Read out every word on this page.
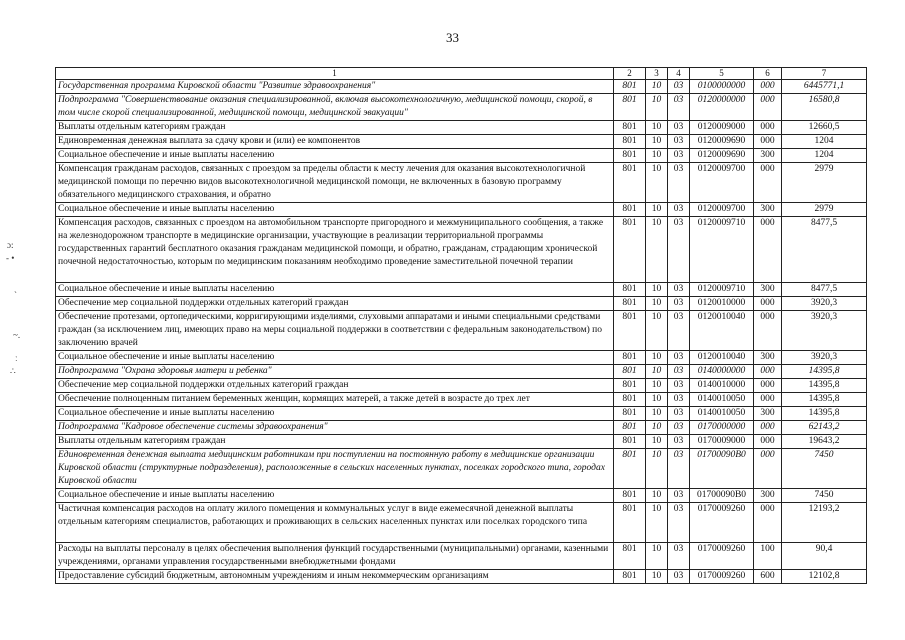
33
ɔ:
- •
ˋ
~.
ː
∴
1	2	3	4	5	6	7
Государственная программа Кировской области "Развитие здравоохранения"	801	10	03	0100000000	000	6445771,1
Подпрограмма "Совершенствование оказания специализированной, включая высокотехнологичную, медицинской помощи, скорой, в том числе скорой специализированной, медицинской помощи, медицинской эвакуации"	801	10	03	0120000000	000	16580,8
Выплаты отдельным категориям граждан	801	10	03	0120009000	000	12660,5
Единовременная денежная выплата за сдачу крови и (или) ее компонентов	801	10	03	0120009690	000	1204
Социальное обеспечение и иные выплаты населению	801	10	03	0120009690	300	1204
Компенсация гражданам расходов, связанных с проездом за пределы области к месту лечения для оказания высокотехнологичной медицинской помощи по перечню видов высокотехнологичной медицинской помощи, не включенных в базовую программу обязательного медицинского страхования, и обратно	801	10	03	0120009700	000	2979
Социальное обеспечение и иные выплаты населению	801	10	03	0120009700	300	2979
Компенсация расходов, связанных с проездом на автомобильном транспорте пригородного и межмуниципального сообщения, а также на железнодорожном транспорте в медицинские организации, участвующие в реализации территориальной программы государственных гарантий бесплатного оказания гражданам медицинской помощи, и обратно, гражданам, страдающим хронической почечной недостаточностью, которым по медицинским показаниям необходимо проведение заместительной почечной терапии	801	10	03	0120009710	000	8477,5
Социальное обеспечение и иные выплаты населению	801	10	03	0120009710	300	8477,5
Обеспечение мер социальной поддержки отдельных категорий граждан	801	10	03	0120010000	000	3920,3
Обеспечение протезами, ортопедическими, корригирующими изделиями, слуховыми аппаратами и иными специальными средствами граждан (за исключением лиц, имеющих право на меры социальной поддержки в соответствии с федеральным законодательством) по заключению врачей	801	10	03	0120010040	000	3920,3
Социальное обеспечение и иные выплаты населению	801	10	03	0120010040	300	3920,3
Подпрограмма "Охрана здоровья матери и ребенка"	801	10	03	0140000000	000	14395,8
Обеспечение мер социальной поддержки отдельных категорий граждан	801	10	03	0140010000	000	14395,8
Обеспечение полноценным питанием беременных женщин, кормящих матерей, а также детей в возрасте до трех лет	801	10	03	0140010050	000	14395,8
Социальное обеспечение и иные выплаты населению	801	10	03	0140010050	300	14395,8
Подпрограмма "Кадровое обеспечение системы здравоохранения"	801	10	03	0170000000	000	62143,2
Выплаты отдельным категориям граждан	801	10	03	0170009000	000	19643,2
Единовременная денежная выплата медицинским работникам при поступлении на постоянную работу в медицинские организации Кировской области (структурные подразделения), расположенные в сельских населенных пунктах, поселках городского типа, городах Кировской области	801	10	03	01700090B0	000	7450
Социальное обеспечение и иные выплаты населению	801	10	03	01700090B0	300	7450
Частичная компенсация расходов на оплату жилого помещения и коммунальных услуг в виде ежемесячной денежной выплаты отдельным категориям специалистов, работающих и проживающих в сельских населенных пунктах или поселках городского типа	801	10	03	0170009260	000	12193,2
Расходы на выплаты персоналу в целях обеспечения выполнения функций государственными (муниципальными) органами, казенными учреждениями, органами управления государственными внебюджетными фондами	801	10	03	0170009260	100	90,4
Предоставление субсидий бюджетным, автономным учреждениям и иным некоммерческим организациям	801	10	03	0170009260	600	12102,8
